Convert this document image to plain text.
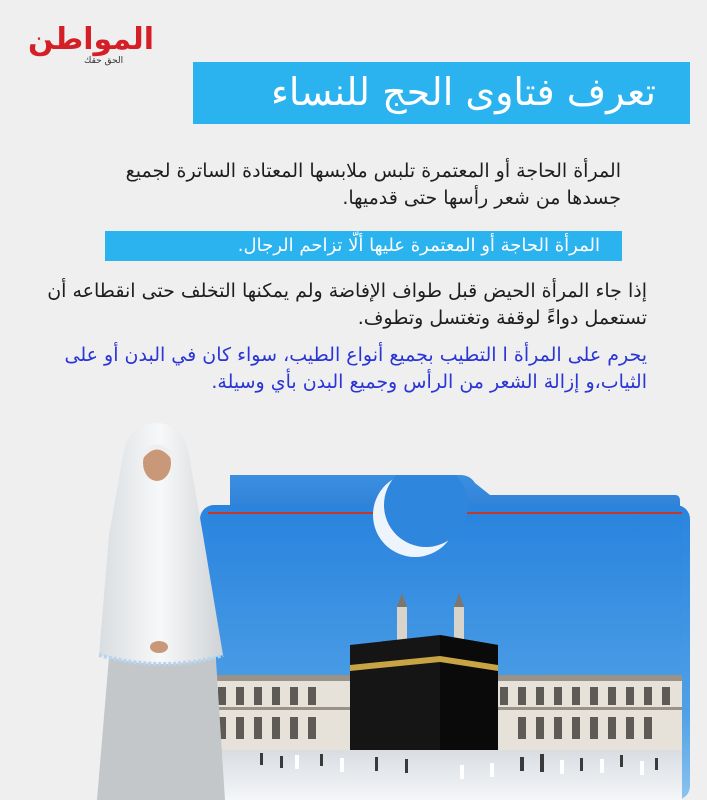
المواطن
الحق حقك
تعرف فتاوى الحج للنساء
المرأة الحاجة أو المعتمرة تلبس ملابسها المعتادة الساترة لجميع جسدها من شعر رأسها حتى قدميها.
المرأة الحاجة أو المعتمرة عليها ألّا تزاحم الرجال.
إذا جاء المرأة الحيض قبل طواف الإفاضة ولم يمكنها التخلف حتى انقطاعه أن تستعمل دواءً لوقفة وتغتسل وتطوف.
يحرم على المرأة ا التطيب بجميع أنواع الطيب، سواء كان في البدن أو على الثياب،و إزالة الشعر من الرأس وجميع البدن بأي وسيلة.
